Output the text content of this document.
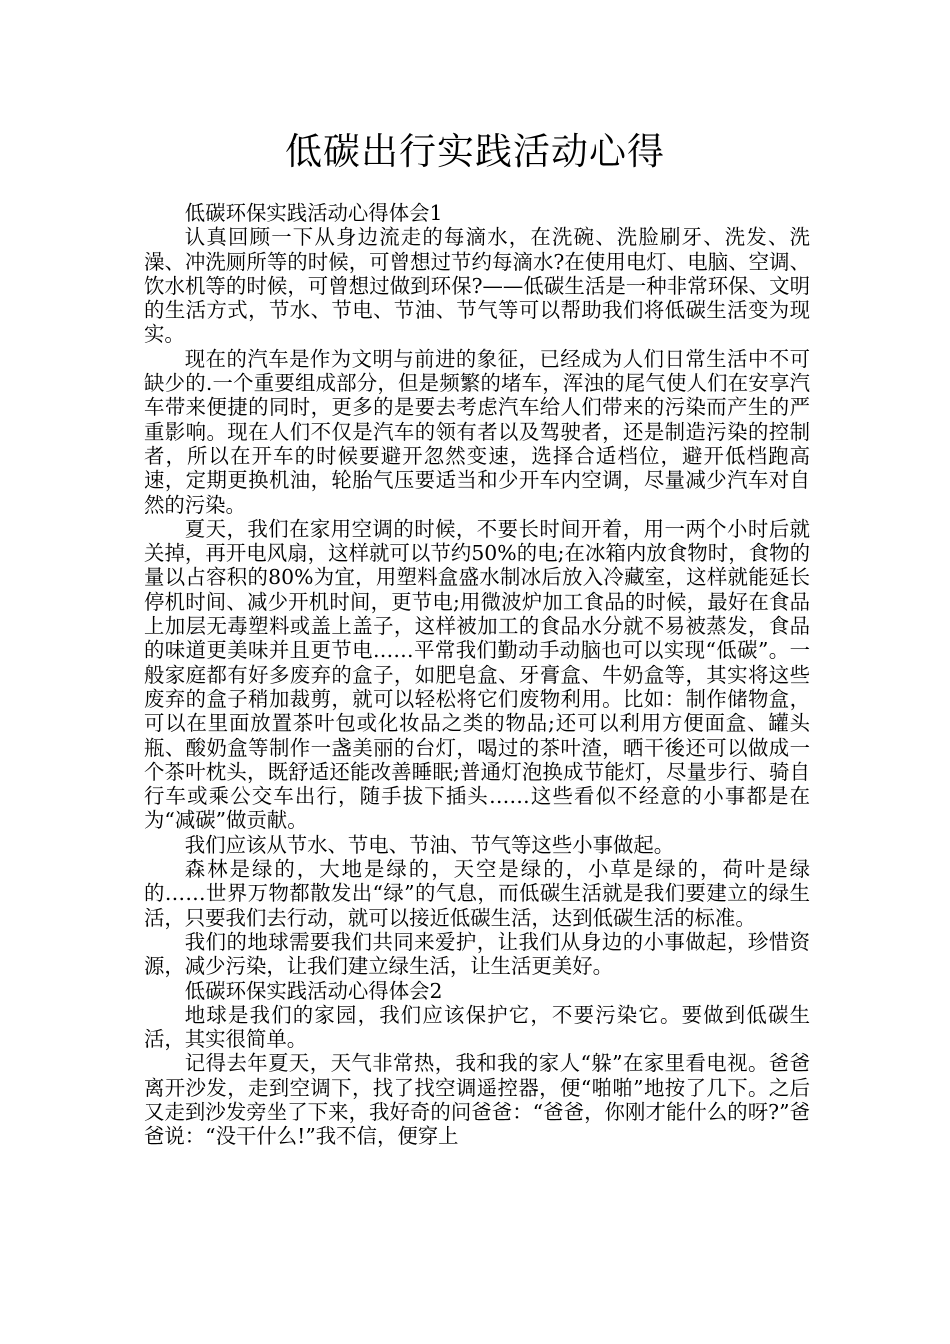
低碳出行实践活动心得

低碳环保实践活动心得体会1

认真回顾一下从身边流走的每滴水，在洗碗、洗脸刷牙、洗发、洗澡、冲洗厕所等的时候，可曾想过节约每滴水?在使用电灯、电脑、空调、饮水机等的时候，可曾想过做到环保?——低碳生活是一种非常环保、文明的生活方式，节水、节电、节油、节气等可以帮助我们将低碳生活变为现实。

现在的汽车是作为文明与前进的象征，已经成为人们日常生活中不可缺少的.一个重要组成部分，但是频繁的堵车，浑浊的尾气使人们在安享汽车带来便捷的同时，更多的是要去考虑汽车给人们带来的污染而产生的严重影响。现在人们不仅是汽车的领有者以及驾驶者，还是制造污染的控制者，所以在开车的时候要避开忽然变速，选择合适档位，避开低档跑高速，定期更换机油，轮胎气压要适当和少开车内空调，尽量减少汽车对自然的污染。

夏天，我们在家用空调的时候，不要长时间开着，用一两个小时后就关掉，再开电风扇，这样就可以节约50%的电;在冰箱内放食物时，食物的量以占容积的80%为宜，用塑料盒盛水制冰后放入冷藏室，这样就能延长停机时间、减少开机时间，更节电;用微波炉加工食品的时候，最好在食品上加层无毒塑料或盖上盖子，这样被加工的食品水分就不易被蒸发，食品的味道更美味并且更节电……平常我们勤动手动脑也可以实现“低碳”。一般家庭都有好多废弃的盒子，如肥皂盒、牙膏盒、牛奶盒等，其实将这些废弃的盒子稍加裁剪，就可以轻松将它们废物利用。比如：制作储物盒，可以在里面放置茶叶包或化妆品之类的物品;还可以利用方便面盒、罐头瓶、酸奶盒等制作一盏美丽的台灯，喝过的茶叶渣，晒干後还可以做成一个茶叶枕头，既舒适还能改善睡眠;普通灯泡换成节能灯，尽量步行、骑自行车或乘公交车出行，随手拔下插头……这些看似不经意的小事都是在为“减碳”做贡献。

我们应该从节水、节电、节油、节气等这些小事做起。

森林是绿的，大地是绿的，天空是绿的，小草是绿的，荷叶是绿的……世界万物都散发出“绿”的气息，而低碳生活就是我们要建立的绿生活，只要我们去行动，就可以接近低碳生活，达到低碳生活的标准。

我们的地球需要我们共同来爱护，让我们从身边的小事做起，珍惜资源，减少污染，让我们建立绿生活，让生活更美好。

低碳环保实践活动心得体会2

地球是我们的家园，我们应该保护它，不要污染它。要做到低碳生活，其实很简单。

记得去年夏天，天气非常热，我和我的家人“躲”在家里看电视。爸爸离开沙发，走到空调下，找了找空调遥控器，便“啪啪”地按了几下。之后又走到沙发旁坐了下来，我好奇的问爸爸：“爸爸，你刚才能什么的呀?”爸爸说：“没干什么!”我不信，便穿上
